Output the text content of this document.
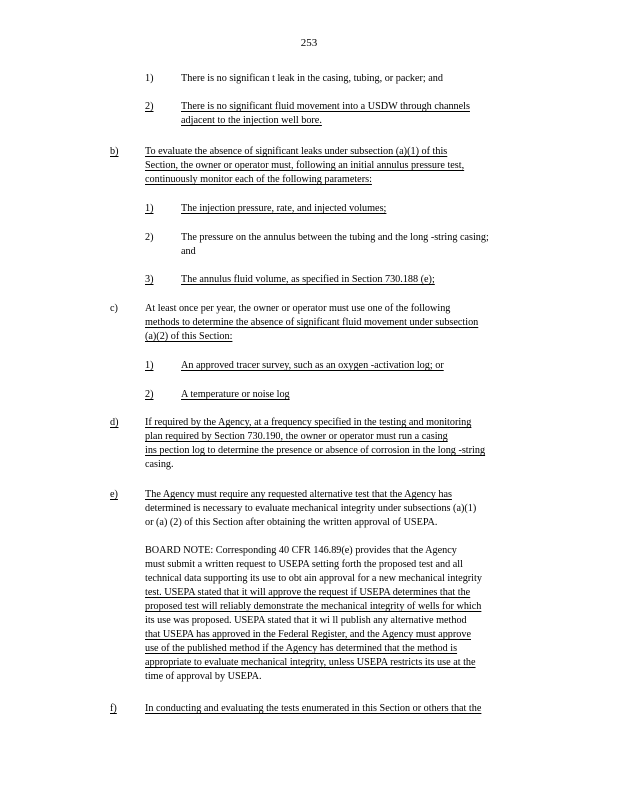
253
1)	There is no significan t leak in the casing, tubing, or packer; and
2)	There is no significant fluid movement into a USDW through channels
adjacent to the injection well bore.
b)	To evaluate the absence of significant leaks under subsection (a)(1) of this
Section, the owner or operator must, following an initial annulus pressure test,
continuously monitor each of the following parameters:
1)	The injection pressure, rate, and injected volumes;
2)	The pressure on the annulus between the tubing and the long -string casing;
and
3)	The annulus fluid volume, as specified in Section 730.188 (e);
c)	At least once per year, the owner or operator must use one of the following
methods to determine the absence of significant fluid movement under subsection
(a)(2) of this Section:
1)	An approved tracer survey, such as an oxygen -activation log; or
2)	A temperature or noise log
d)	If required by the Agency, at a frequency specified in the testing and monitoring
plan required by Section 730.190, the owner or operator must run a casing
ins pection log to determine the presence or absence of corrosion in the long -string
casing.
e)	The Agency must require any requested alternative test that the Agency has
determined is necessary to evaluate mechanical integrity under subsections (a)(1)
or (a) (2) of this Section after obtaining the written approval of USEPA.
BOARD NOTE: Corresponding 40 CFR 146.89(e) provides that the Agency
must submit a written request to USEPA setting forth the proposed test and all
technical data supporting its use to obt ain approval for a new mechanical integrity
test. USEPA stated that it will approve the request if USEPA determines that the
proposed test will reliably demonstrate the mechanical integrity of wells for which
its use was proposed. USEPA stated that it wi ll publish any alternative method
that USEPA has approved in the Federal Register, and the Agency must approve
use of the published method if the Agency has determined that the method is
appropriate to evaluate mechanical integrity, unless USEPA restricts its use at the
time of approval by USEPA.
f)	In conducting and evaluating the tests enumerated in this Section or others that the
